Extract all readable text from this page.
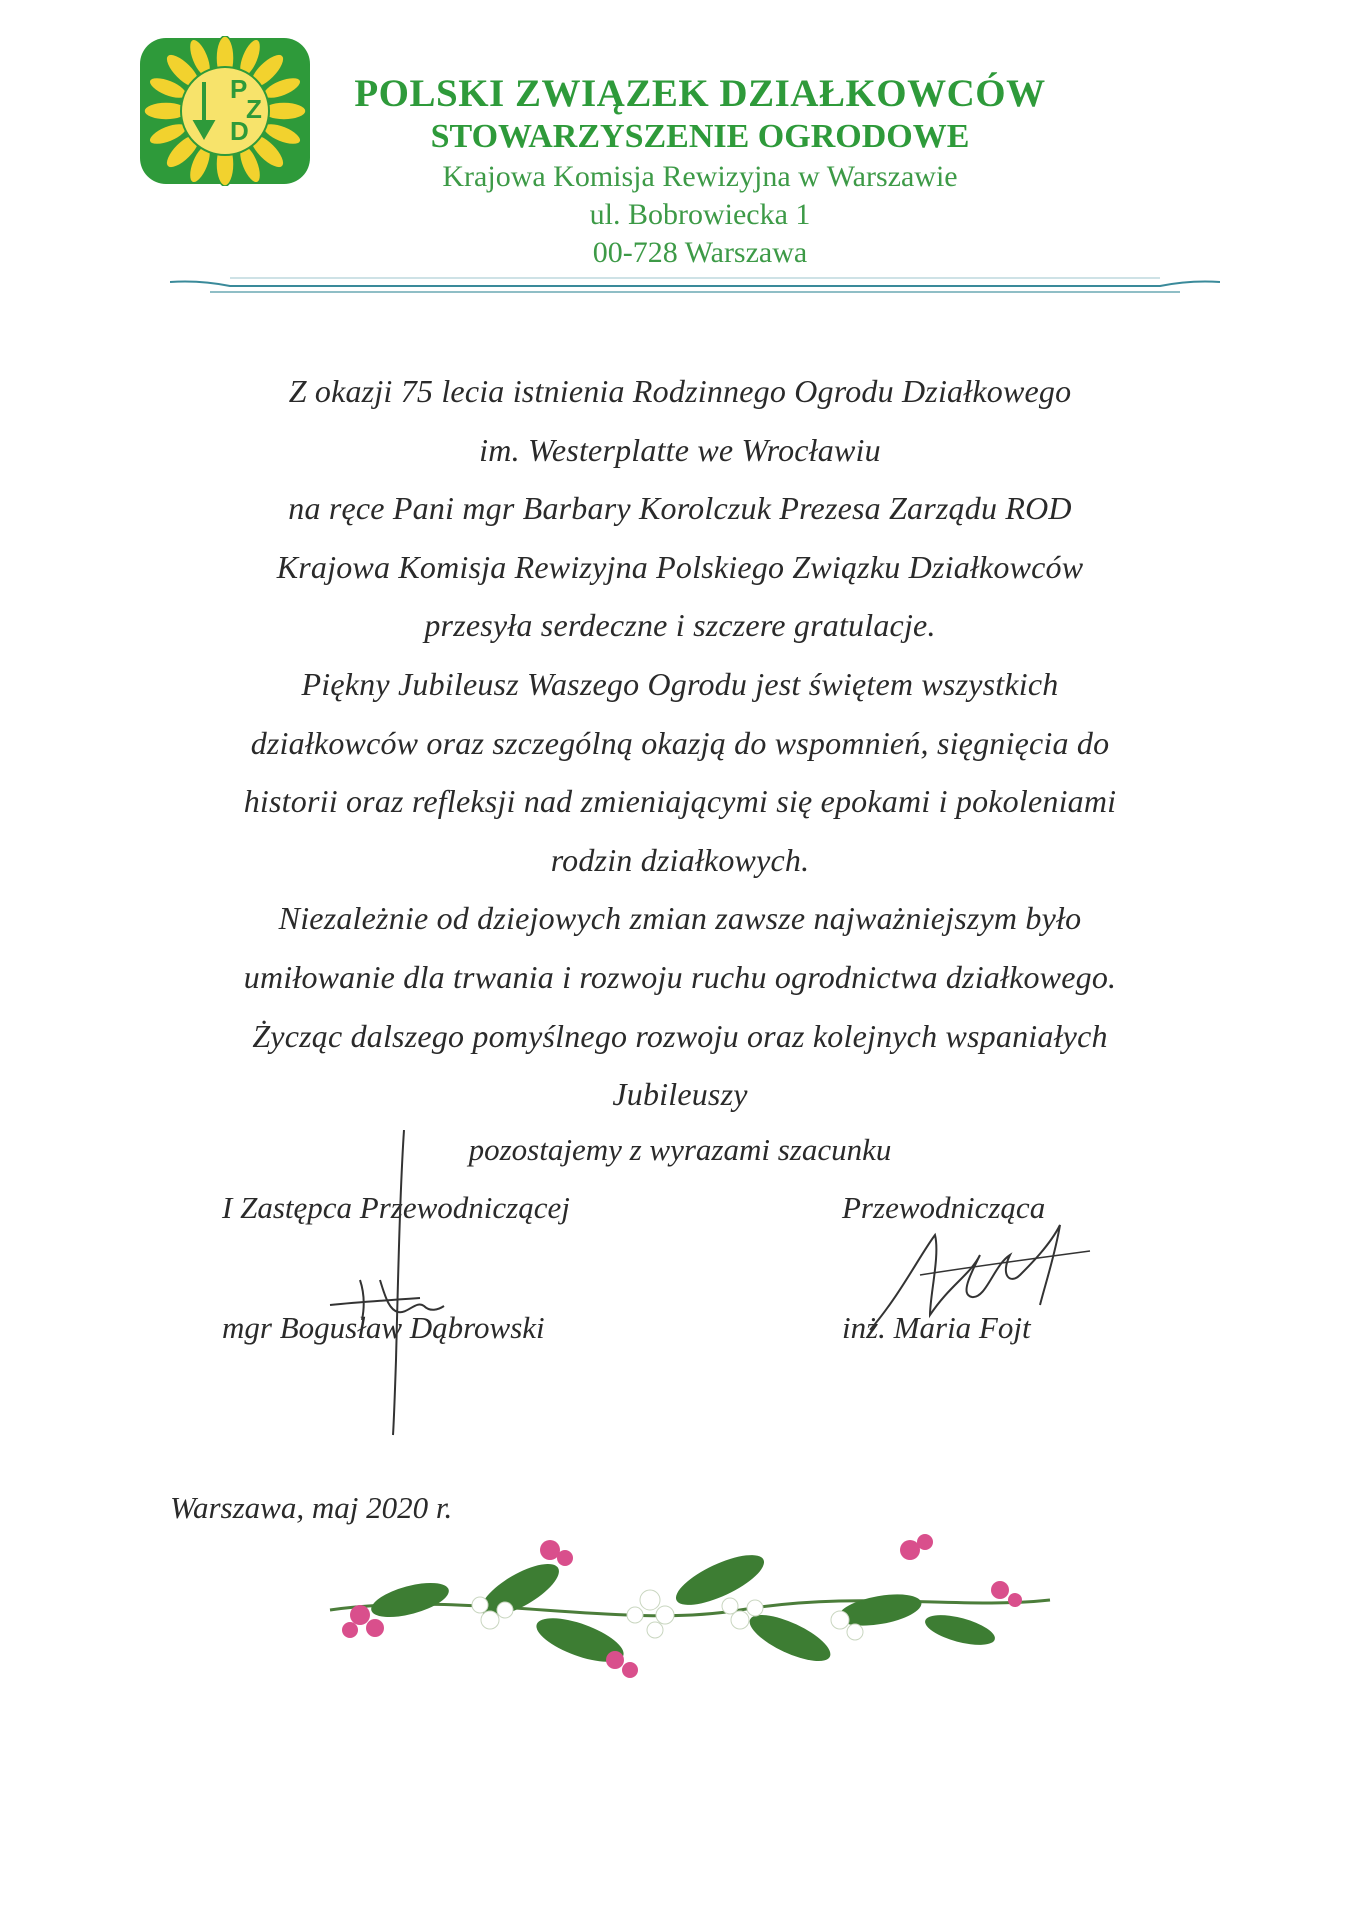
P
Z
D
POLSKI ZWIĄZEK DZIAŁKOWCÓW
STOWARZYSZENIE OGRODOWE
Krajowa Komisja Rewizyjna w Warszawie
ul. Bobrowiecka 1
00-728 Warszawa

Z okazji 75 lecia istnienia Rodzinnego Ogrodu Działkowego

im. Westerplatte we Wrocławiu

na ręce Pani mgr Barbary Korolczuk Prezesa Zarządu ROD

Krajowa Komisja Rewizyjna Polskiego Związku Działkowców

przesyła serdeczne i szczere gratulacje.

Piękny Jubileusz Waszego Ogrodu jest świętem wszystkich

działkowców oraz szczególną okazją do wspomnień, sięgnięcia do

historii oraz refleksji nad zmieniającymi się epokami i pokoleniami

rodzin działkowych.

Niezależnie od dziejowych zmian zawsze najważniejszym było

umiłowanie dla trwania i rozwoju ruchu ogrodnictwa działkowego.

Życząc dalszego pomyślnego rozwoju oraz kolejnych wspaniałych

Jubileuszy

pozostajemy z wyrazami szacunku
I Zastępca Przewodniczącej
mgr Bogusław Dąbrowski
Przewodnicząca
inż. Maria Fojt
Warszawa, maj 2020 r.
